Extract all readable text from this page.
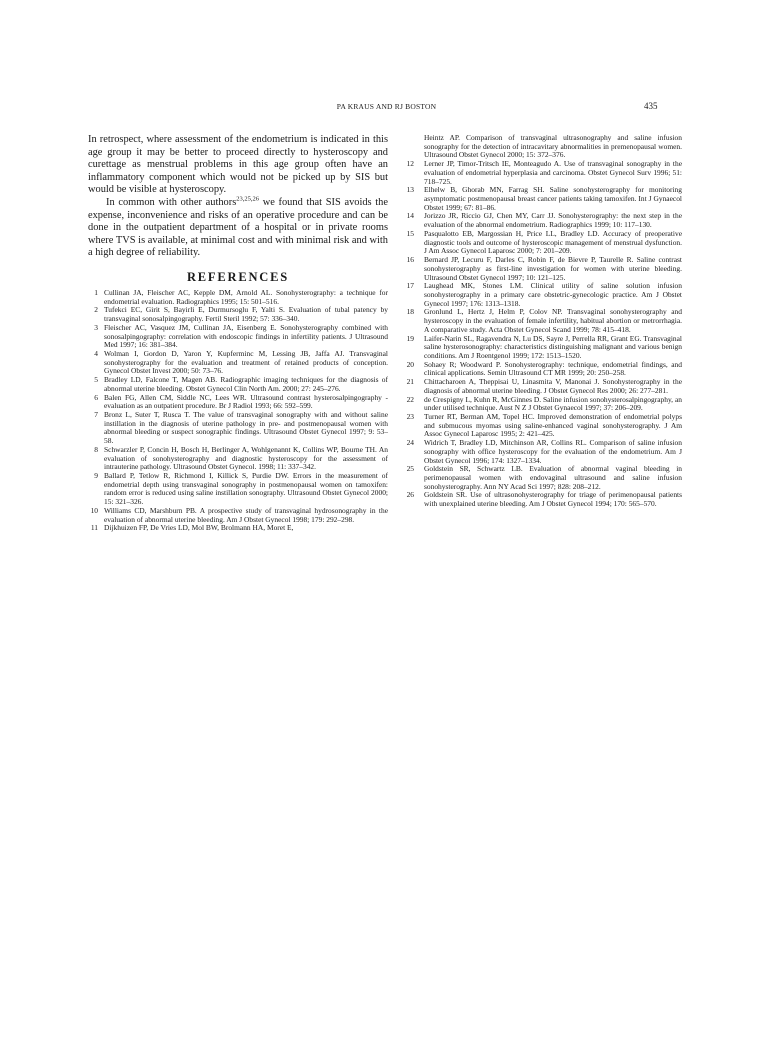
PA KRAUS AND RJ BOSTON	435

In retrospect, where assessment of the endometrium is indicated in this age group it may be better to proceed directly to hysteroscopy and curettage as menstrual problems in this age group often have an inflammatory component which would not be picked up by SIS but would be visible at hysteroscopy.

In common with other authors$^{23,25,26}$ we found that SIS avoids the expense, inconvenience and risks of an operative procedure and can be done in the outpatient department of a hospital or in private rooms where TVS is available, at minimal cost and with minimal risk and with a high degree of reliability.

REFERENCES
1 Cullinan JA, Fleischer AC, Kepple DM, Arnold AL. Sonohysterography: a technique for endometrial evaluation. Radiographics 1995; 15: 501–516.
2 Tufekci EC, Girit S, Bayirli E, Durmursoglu F, Yalti S. Evaluation of tubal patency by transvaginal sonosalpingography. Fertil Steril 1992; 57: 336–340.
3 Fleischer AC, Vasquez JM, Cullinan JA, Eisenberg E. Sonohysterography combined with sonosalpingography: correlation with endoscopic findings in infertility patients. J Ultrasound Med 1997; 16: 381–384.
4 Wolman I, Gordon D, Yaron Y, Kupferminc M, Lessing JB, Jaffa AJ. Transvaginal sonohysterography for the evaluation and treatment of retained products of conception. Gynecol Obstet Invest 2000; 50: 73–76.
5 Bradley LD, Falcone T, Magen AB. Radiographic imaging techniques for the diagnosis of abnormal uterine bleeding. Obstet Gynecol Clin North Am. 2000; 27: 245–276.
6 Balen FG, Allen CM, Siddle NC, Lees WR. Ultrasound contrast hysterosalpingography - evaluation as an outpatient procedure. Br J Radiol 1993; 66: 592–599.
7 Bronz L, Suter T, Rusca T. The value of transvaginal sonography with and without saline instillation in the diagnosis of uterine pathology in pre- and postmenopausal women with abnormal bleeding or suspect sonographic findings. Ultrasound Obstet Gynecol 1997; 9: 53–58.
8 Schwarzler P, Concin H, Bosch H, Berlinger A, Wohlgenannt K, Collins WP, Bourne TH. An evaluation of sonohysterography and diagnostic hysteroscopy for the assessment of intrauterine pathology. Ultrasound Obstet Gynecol. 1998; 11: 337–342.
9 Ballard P, Tetlow R, Richmond I, Killick S, Purdie DW. Errors in the measurement of endometrial depth using transvaginal sonography in postmenopausal women on tamoxifen: random error is reduced using saline instillation sonography. Ultrasound Obstet Gynecol 2000; 15: 321–326.
10 Williams CD, Marshburn PB. A prospective study of transvaginal hydrosonography in the evaluation of abnormal uterine bleeding. Am J Obstet Gynecol 1998; 179: 292–298.
11 Dijkhuizen FP, De Vries LD, Mol BW, Brolmann HA, Moret E,
Heintz AP. Comparison of transvaginal ultrasonography and saline infusion sonography for the detection of intracavitary abnormalities in premenopausal women. Ultrasound Obstet Gynecol 2000; 15: 372–376.
12 Lerner JP, Timor-Tritsch IE, Monteagudo A. Use of transvaginal sonography in the evaluation of endometrial hyperplasia and carcinoma. Obstet Gynecol Surv 1996; 51: 718–725.
13 Elhelw B, Ghorab MN, Farrag SH. Saline sonohysterography for monitoring asymptomatic postmenopausal breast cancer patients taking tamoxifen. Int J Gynaecol Obstet 1999; 67: 81–86.
14 Jorizzo JR, Riccio GJ, Chen MY, Carr JJ. Sonohysterography: the next step in the evaluation of the abnormal endometrium. Radiographics 1999; 10: 117–130.
15 Pasqualotto EB, Margossian H, Price LL, Bradley LD. Accuracy of preoperative diagnostic tools and outcome of hysteroscopic management of menstrual dysfunction. J Am Assoc Gynecol Laparosc 2000; 7: 201–209.
16 Bernard JP, Lecuru F, Darles C, Robin F, de Bievre P, Taurelle R. Saline contrast sonohysterography as first-line investigation for women with uterine bleeding. Ultrasound Obstet Gynecol 1997; 10: 121–125.
17 Laughead MK, Stones LM. Clinical utility of saline solution infusion sonohysterography in a primary care obstetric-gynecologic practice. Am J Obstet Gynecol 1997; 176: 1313–1318.
18 Gronlund L, Hertz J, Helm P, Colov NP. Transvaginal sonohysterography and hysteroscopy in the evaluation of female infertility, habitual abortion or metrorrhagia. A comparative study. Acta Obstet Gynecol Scand 1999; 78: 415–418.
19 Laifer-Narin SL, Ragavendra N, Lu DS, Sayre J, Perrella RR, Grant EG. Transvaginal saline hysterosonography: characteristics distinguishing malignant and various benign conditions. Am J Roentgenol 1999; 172: 1513–1520.
20 Sohaey R; Woodward P. Sonohysterography: technique, endometrial findings, and clinical applications. Semin Ultrasound CT MR 1999; 20: 250–258.
21 Chittacharoen A, Theppisai U, Linasmita V, Manonai J. Sonohysterography in the diagnosis of abnormal uterine bleeding. J Obstet Gynecol Res 2000; 26: 277–281.
22 de Crespigny L, Kuhn R, McGinnes D. Saline infusion sonohysterosalpingography, an under utilised technique. Aust N Z J Obstet Gynaecol 1997; 37: 206–209.
23 Turner RT, Berman AM, Topel HC. Improved demonstration of endometrial polyps and submucous myomas using saline-enhanced vaginal sonohysterography. J Am Assoc Gynecol Laparosc 1995; 2: 421–425.
24 Widrich T, Bradley LD, Mitchinson AR, Collins RL. Comparison of saline infusion sonography with office hysteroscopy for the evaluation of the endometrium. Am J Obstet Gynecol 1996; 174: 1327–1334.
25 Goldstein SR, Schwartz LB. Evaluation of abnormal vaginal bleeding in perimenopausal women with endovaginal ultrasound and saline infusion sonohysterography. Ann NY Acad Sci 1997; 828: 208–212.
26 Goldstein SR. Use of ultrasonohysterography for triage of perimenopausal patients with unexplained uterine bleeding. Am J Obstet Gynecol 1994; 170: 565–570.
